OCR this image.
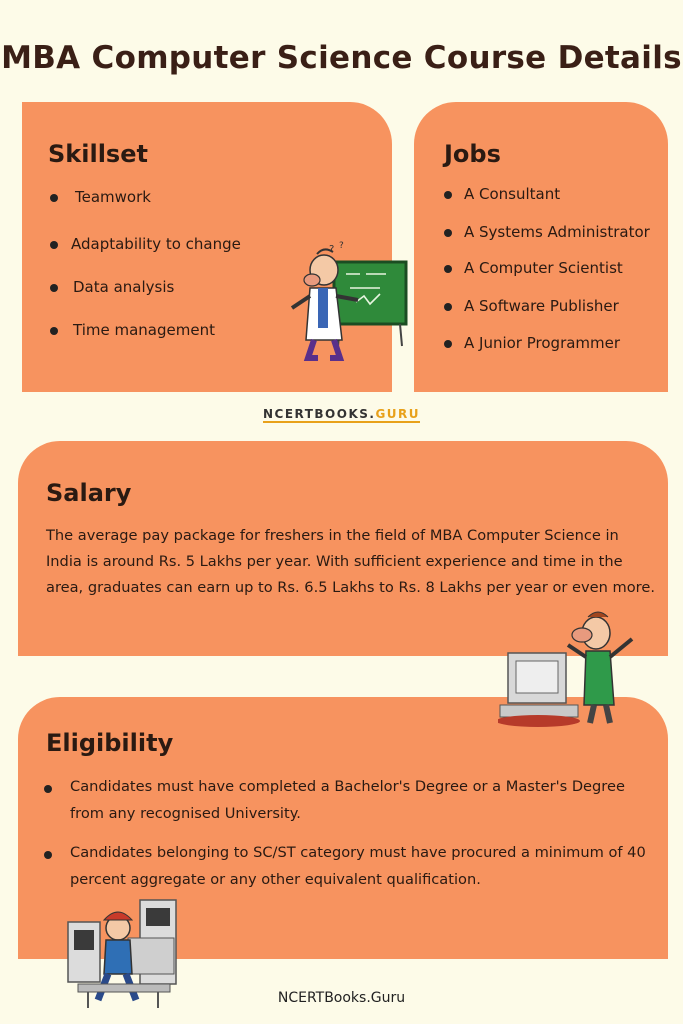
MBA Computer Science Course Details
Skillset
Teamwork
Adaptability to change
Data analysis
Time management
? ?
Jobs
A Consultant
A Systems Administrator
A Computer Scientist
A Software Publisher
A Junior Programmer
NCERTBOOKS.GURU
Salary

The average pay package for freshers in the field of MBA Computer Science in India is around Rs. 5 Lakhs per year. With sufficient experience and time in the area, graduates can earn up to Rs. 6.5 Lakhs to Rs. 8 Lakhs per year or even more.

Eligibility
Candidates must have completed a Bachelor's Degree or a Master's Degree from any recognised University.
Candidates belonging to SC/ST category must have procured a minimum of 40 percent aggregate or any other equivalent qualification.
NCERTBooks.Guru
